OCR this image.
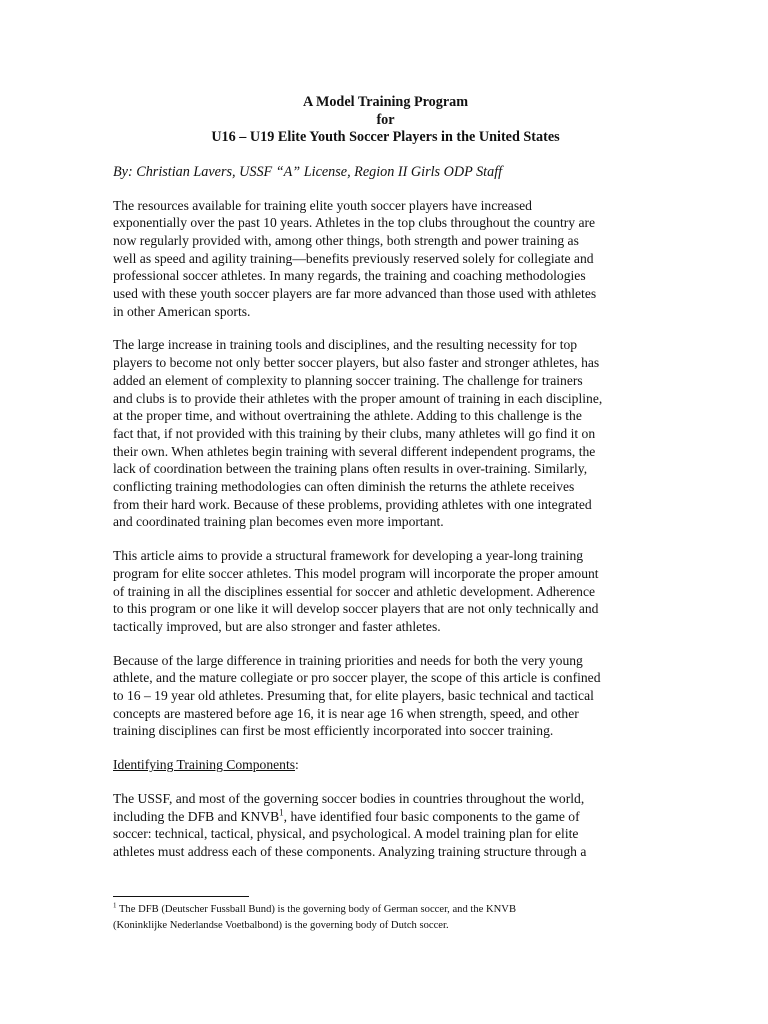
A Model Training Program

for

U16 – U19 Elite Youth Soccer Players in the United States

By: Christian Lavers, USSF “A” License, Region II Girls ODP Staff

The resources available for training elite youth soccer players have increased
exponentially over the past 10 years. Athletes in the top clubs throughout the country are
now regularly provided with, among other things, both strength and power training as
well as speed and agility training—benefits previously reserved solely for collegiate and
professional soccer athletes. In many regards, the training and coaching methodologies
used with these youth soccer players are far more advanced than those used with athletes
in other American sports.
The large increase in training tools and disciplines, and the resulting necessity for top
players to become not only better soccer players, but also faster and stronger athletes, has
added an element of complexity to planning soccer training. The challenge for trainers
and clubs is to provide their athletes with the proper amount of training in each discipline,
at the proper time, and without overtraining the athlete. Adding to this challenge is the
fact that, if not provided with this training by their clubs, many athletes will go find it on
their own. When athletes begin training with several different independent programs, the
lack of coordination between the training plans often results in over-training. Similarly,
conflicting training methodologies can often diminish the returns the athlete receives
from their hard work. Because of these problems, providing athletes with one integrated
and coordinated training plan becomes even more important.
This article aims to provide a structural framework for developing a year-long training
program for elite soccer athletes. This model program will incorporate the proper amount
of training in all the disciplines essential for soccer and athletic development. Adherence
to this program or one like it will develop soccer players that are not only technically and
tactically improved, but are also stronger and faster athletes.
Because of the large difference in training priorities and needs for both the very young
athlete, and the mature collegiate or pro soccer player, the scope of this article is confined
to 16 – 19 year old athletes. Presuming that, for elite players, basic technical and tactical
concepts are mastered before age 16, it is near age 16 when strength, speed, and other
training disciplines can first be most efficiently incorporated into soccer training.

Identifying Training Components:

The USSF, and most of the governing soccer bodies in countries throughout the world,
including the DFB and KNVB$^1$, have identified four basic components to the game of
soccer: technical, tactical, physical, and psychological. A model training plan for elite
athletes must address each of these components. Analyzing training structure through a
$^1$ The DFB (Deutscher Fussball Bund) is the governing body of German soccer, and the KNVB
(Koninklijke Nederlandse Voetbalbond) is the governing body of Dutch soccer.
